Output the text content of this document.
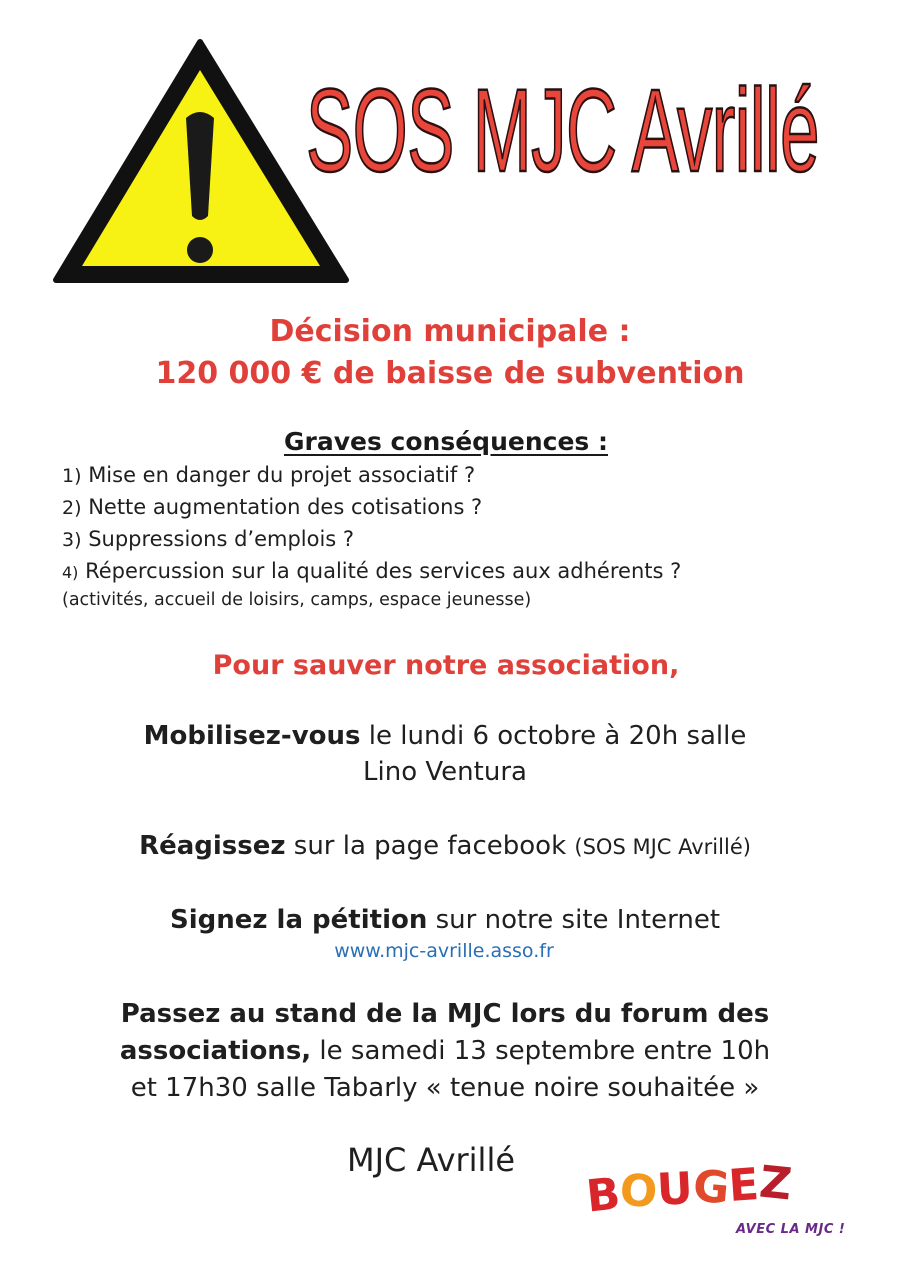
SOS MJC Avrillé
Décision municipale :
120 000 € de baisse de subvention
Graves conséquences :
1) Mise en danger du projet associatif ?
2) Nette augmentation des cotisations ?
3) Suppressions d’emplois ?
4) Répercussion sur la qualité des services aux adhérents ?
(activités, accueil de loisirs, camps, espace jeunesse)
Pour sauver notre association,
Mobilisez-vous le lundi 6 octobre à 20h salle
Lino Ventura
Réagissez sur la page facebook (SOS MJC Avrillé)
Signez la pétition sur notre site Internet
www.mjc-avrille.asso.fr
Passez au stand de la MJC lors du forum des
associations, le samedi 13 septembre entre 10h
et 17h30 salle Tabarly « tenue noire souhaitée »
MJC Avrillé
BOUGEZ
AVEC LA MJC !
